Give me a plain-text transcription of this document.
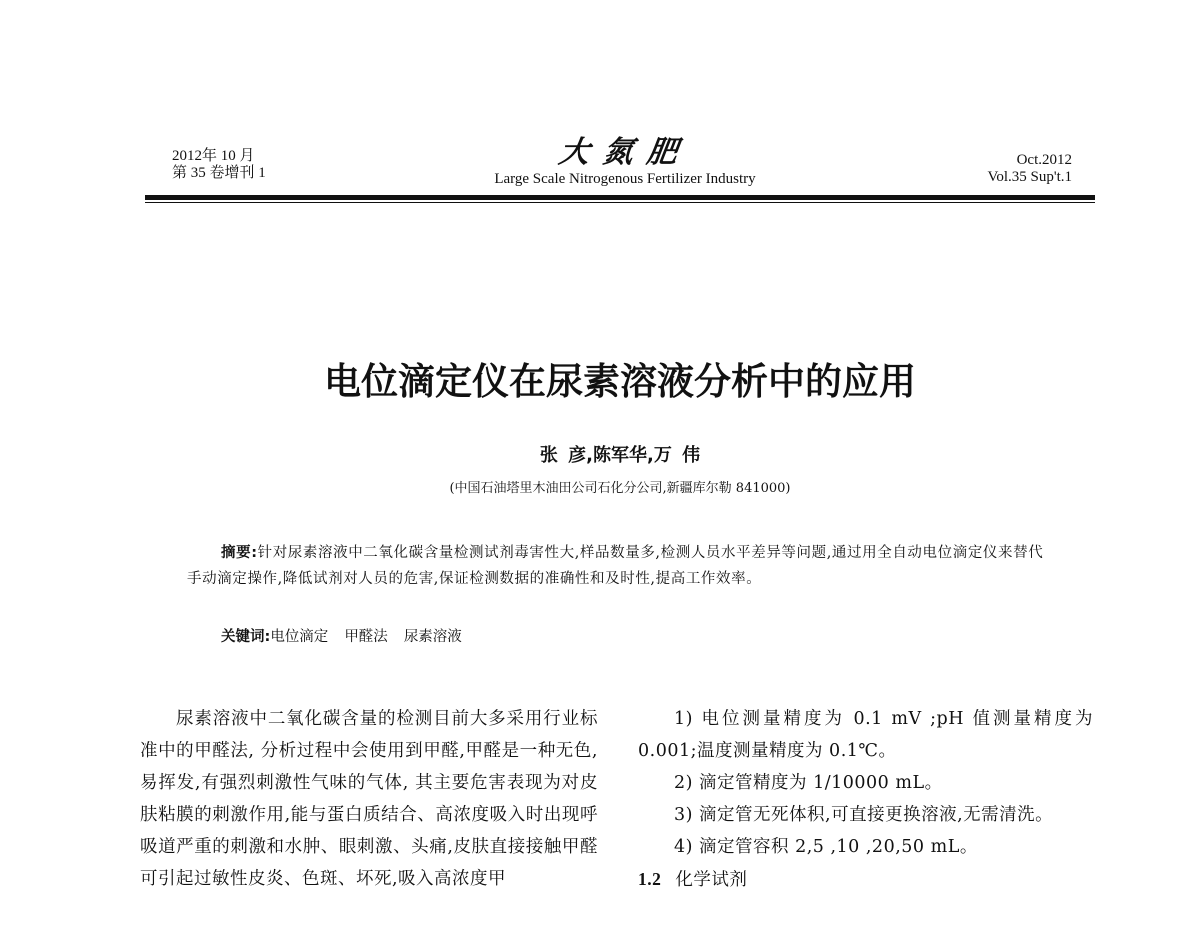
2012年 10 月
第 35 卷增刊 1
大氮肥
Large Scale Nitrogenous Fertilizer Industry
Oct.2012
Vol.35 Sup't.1
电位滴定仪在尿素溶液分析中的应用
张 彦,陈军华,万 伟
(中国石油塔里木油田公司石化分公司,新疆库尔勒 841000)
摘要:针对尿素溶液中二氧化碳含量检测试剂毒害性大,样品数量多,检测人员水平差异等问题,通过用全自动电位滴定仪来替代手动滴定操作,降低试剂对人员的危害,保证检测数据的准确性和及时性,提高工作效率。
关键词:电位滴定 甲醛法 尿素溶液

尿素溶液中二氧化碳含量的检测目前大多采用行业标准中的甲醛法, 分析过程中会使用到甲醛,甲醛是一种无色,易挥发,有强烈刺激性气味的气体, 其主要危害表现为对皮肤粘膜的刺激作用,能与蛋白质结合、高浓度吸入时出现呼吸道严重的刺激和水肿、眼刺激、头痛,皮肤直接接触甲醛可引起过敏性皮炎、色斑、坏死,吸入高浓度甲

1) 电位测量精度为 0.1 mV ;pH 值测量精度为0.001;温度测量精度为 0.1℃。

2) 滴定管精度为 1/10000 mL。

3) 滴定管无死体积,可直接更换溶液,无需清洗。

4) 滴定管容积 2,5 ,10 ,20,50 mL。

1.2 化学试剂
